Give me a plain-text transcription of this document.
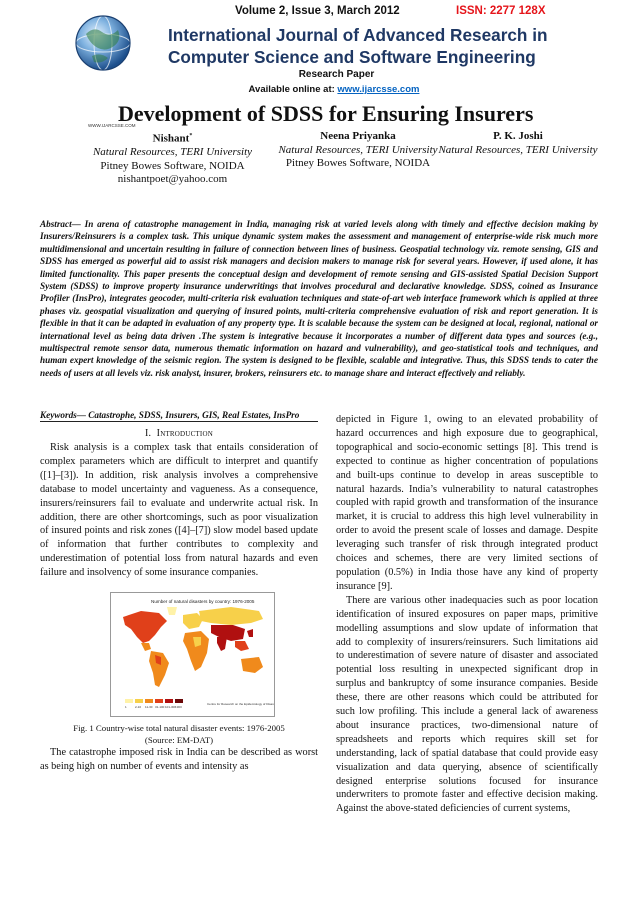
WWW.IJARCSSE.COM
Volume 2, Issue 3, March 2012	ISSN: 2277 128X
International Journal of Advanced Research in
Computer Science and Software Engineering
Research Paper
Available online at: www.ijarcsse.com
Development of SDSS for Ensuring Insurers
Nishant*
Natural Resources, TERI University
Pitney Bowes Software, NOIDA
nishantpoet@yahoo.com
Neena Priyanka
Natural Resources, TERI University
Pitney Bowes Software, NOIDA
P. K. Joshi
Natural Resources, TERI University
Abstract— In arena of catastrophe management in India, managing risk at varied levels along with timely and effective decision making by Insurers/Reinsurers is a complex task. This unique dynamic system makes the assessment and management of enterprise-wide risk much more multidimensional and uncertain resulting in failure of connection between lines of business. Geospatial technology viz. remote sensing, GIS and SDSS has emerged as powerful aid to assist risk managers and decision makers to manage risk for several years. However, if used alone, it has limited functionality. This paper presents the conceptual design and development of remote sensing and GIS-assisted Spatial Decision Support System (SDSS) to improve property insurance underwritings that involves procedural and declarative knowledge. SDSS, coined as Insurance Profiler (InsPro), integrates geocoder, multi-criteria risk evaluation techniques and state-of-art web interface framework which is applied at three phases viz. geospatial visualization and querying of insured points, multi-criteria comprehensive evaluation of risk and report generation. It is flexible in that it can be adapted in evaluation of any property type. It is scalable because the system can be designed at local, regional, national or international level as being data driven .The system is integrative because it incorporates a number of different data types and sources (e.g., multispectral remote sensor data, numerous thematic information on hazard and vulnerability), and geo-statistical tools and techniques, and human expert knowledge of the seismic region. The system is designed to be flexible, scalable and integrative. Thus, this SDSS tends to cater the needs of users at all levels viz. risk analyst, insurer, brokers, reinsurers etc. to manage share and interact effectively and reliably.
Keywords— Catastrophe, SDSS, Insurers, GIS, Real Estates, InsPro
I. Introduction

Risk analysis is a complex task that entails consideration of complex parameters which are difficult to interpret and quantify ([1]–[3]). In addition, risk analysis involves a comprehensive database to model uncertainty and vagueness. As a consequence, insurers/reinsurers fail to evaluate and underwrite actual risk. In addition, there are other shortcomings, such as poor visualization of insured points and risk zones ([4]–[7]) slow model based update of information that further contributes to complexity and underestimation of potential loss from natural hazards and even failure and insolvency of some insurance companies.

Number of natural disasters by country: 1976-2005
1	2-10 11-30 31-100 101-300
>300
Centre for Research on the Epidemiology of Disasters
Fig. 1 Country-wise total natural disaster events: 1976-2005
(Source: EM-DAT)

The catastrophe imposed risk in India can be described as worst as being high on number of events and intensity as

depicted in Figure 1, owing to an elevated probability of hazard occurrences and high exposure due to geographical, topographical and socio-economic settings [8]. This trend is expected to continue as higher concentration of populations and built-ups continue to develop in areas susceptible to natural hazards. India’s vulnerability to natural catastrophes coupled with rapid growth and transformation of the insurance market, it is crucial to address this high level vulnerability in order to avoid the present scale of losses and damage. Despite leveraging such transfer of risk through integrated product choices and schemes, there are very limited sections of population (0.5%) in India those have any kind of property insurance [9].

There are various other inadequacies such as poor location identification of insured exposures on paper maps, primitive modelling assumptions and slow update of information that add to complexity of insurers/reinsurers. Such limitations aid to underestimation of severe nature of disaster and associated potential loss resulting in unexpected significant drop in surplus and bankruptcy of some insurance companies. Beside these, there are other reasons which could be attributed for such low profiling. This include a general lack of awareness about insurance practices, two-dimensional nature of spreadsheets and reports which requires skill set for understanding, lack of spatial database that could provide easy visualization and data querying, absence of scientifically designed enterprise solutions focused for insurance underwriters to promote faster and effective decision making. Against the above-stated deficiencies of current systems,
